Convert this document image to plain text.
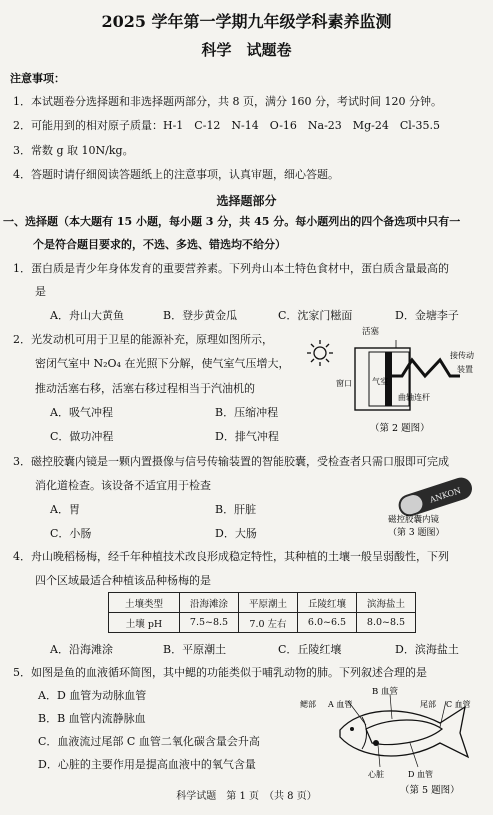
2025 学年第一学期九年级学科素养监测
科学　试题卷
注意事项：
1．本试题卷分选择题和非选择题两部分，共 8 页，满分 160 分，考试时间 120 分钟。
2．可能用到的相对原子质量：H-1　C-12　N-14　O-16　Na-23　Mg-24　Cl-35.5
3．常数 g 取 10N/kg。
4．答题时请仔细阅读答题纸上的注意事项，认真审题，细心答题。
选择题部分
一、选择题（本大题有 15 小题，每小题 3 分，共 45 分。每小题列出的四个备选项中只有一
个是符合题目要求的，不选、多选、错选均不给分）
1．蛋白质是青少年身体发育的重要营养素。下列舟山本土特色食材中，蛋白质含量最高的
是
A．舟山大黄鱼	B．登步黄金瓜	C．沈家门糍面	D．金塘李子
2．光发动机可用于卫星的能源补充，原理如图所示，
密闭气室中 N₂O₄ 在光照下分解，使气室气压增大，
推动活塞右移，活塞右移过程相当于汽油机的
A．吸气冲程	B．压缩冲程
C．做功冲程	D．排气冲程
活塞
窗口	气室
接传动
装置
曲轴连杆
（第 2 题图）
3．磁控胶囊内镜是一颗内置摄像与信号传输装置的智能胶囊，受检查者只需口服即可完成
消化道检查。该设备不适宜用于检查
A．胃	B．肝脏
C．小肠	D．大肠
ANKON
磁控胶囊内镜
（第 3 题图）
4．舟山晚稻杨梅，经千年种植技术改良形成稳定特性，其种植的土壤一般呈弱酸性，下列
四个区域最适合种植该品种杨梅的是
土壤类型	沿海滩涂	平原潮土	丘陵红壤	滨海盐土
土壤 pH	7.5~8.5	7.0 左右	6.0~6.5	8.0~8.5
A．沿海滩涂	B．平原潮土	C．丘陵红壤	D．滨海盐土
5．如图是鱼的血液循环简图，其中鳃的功能类似于哺乳动物的肺。下列叙述合理的是
A．D 血管为动脉血管
B．B 血管内流静脉血
C．血液流过尾部 C 血管二氧化碳含量会升高
D．心脏的主要作用是提高血液中的氧气含量
B 血管
鳃部 A 血管	尾部 C 血管
心脏	D 血管
（第 5 题图）
科学试题　第 1 页　（共 8 页）
